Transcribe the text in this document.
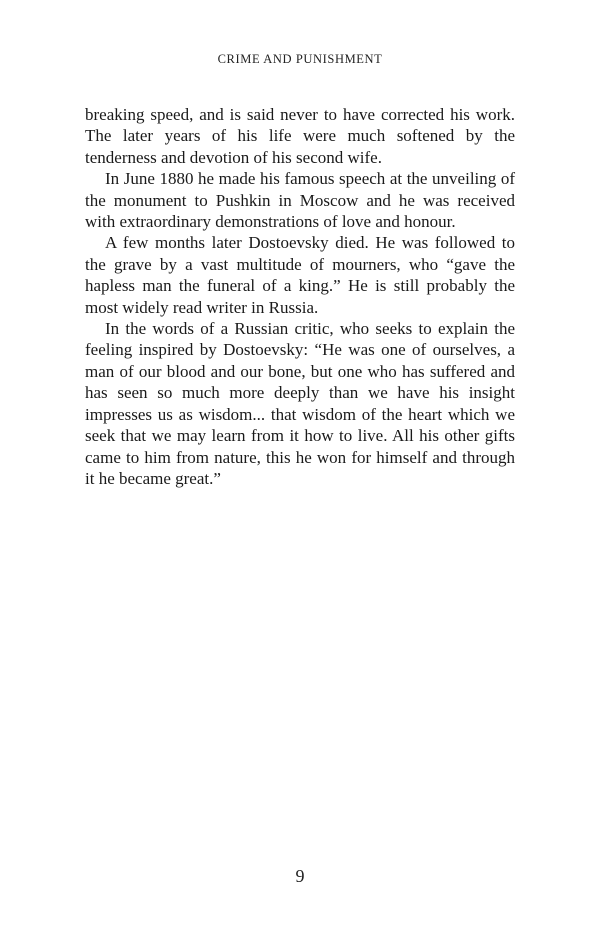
CRIME AND PUNISHMENT

breaking speed, and is said never to have corrected his work. The later years of his life were much softened by the tenderness and devotion of his second wife.

In June 1880 he made his famous speech at the unveiling of the monument to Pushkin in Moscow and he was received with extraordinary demonstrations of love and honour.

A few months later Dostoevsky died. He was followed to the grave by a vast multitude of mourners, who “gave the hapless man the funeral of a king.” He is still probably the most widely read writer in Russia.

In the words of a Russian critic, who seeks to explain the feeling inspired by Dostoevsky: “He was one of ourselves, a man of our blood and our bone, but one who has suffered and has seen so much more deeply than we have his insight impresses us as wisdom... that wisdom of the heart which we seek that we may learn from it how to live. All his other gifts came to him from nature, this he won for himself and through it he became great.”

9
